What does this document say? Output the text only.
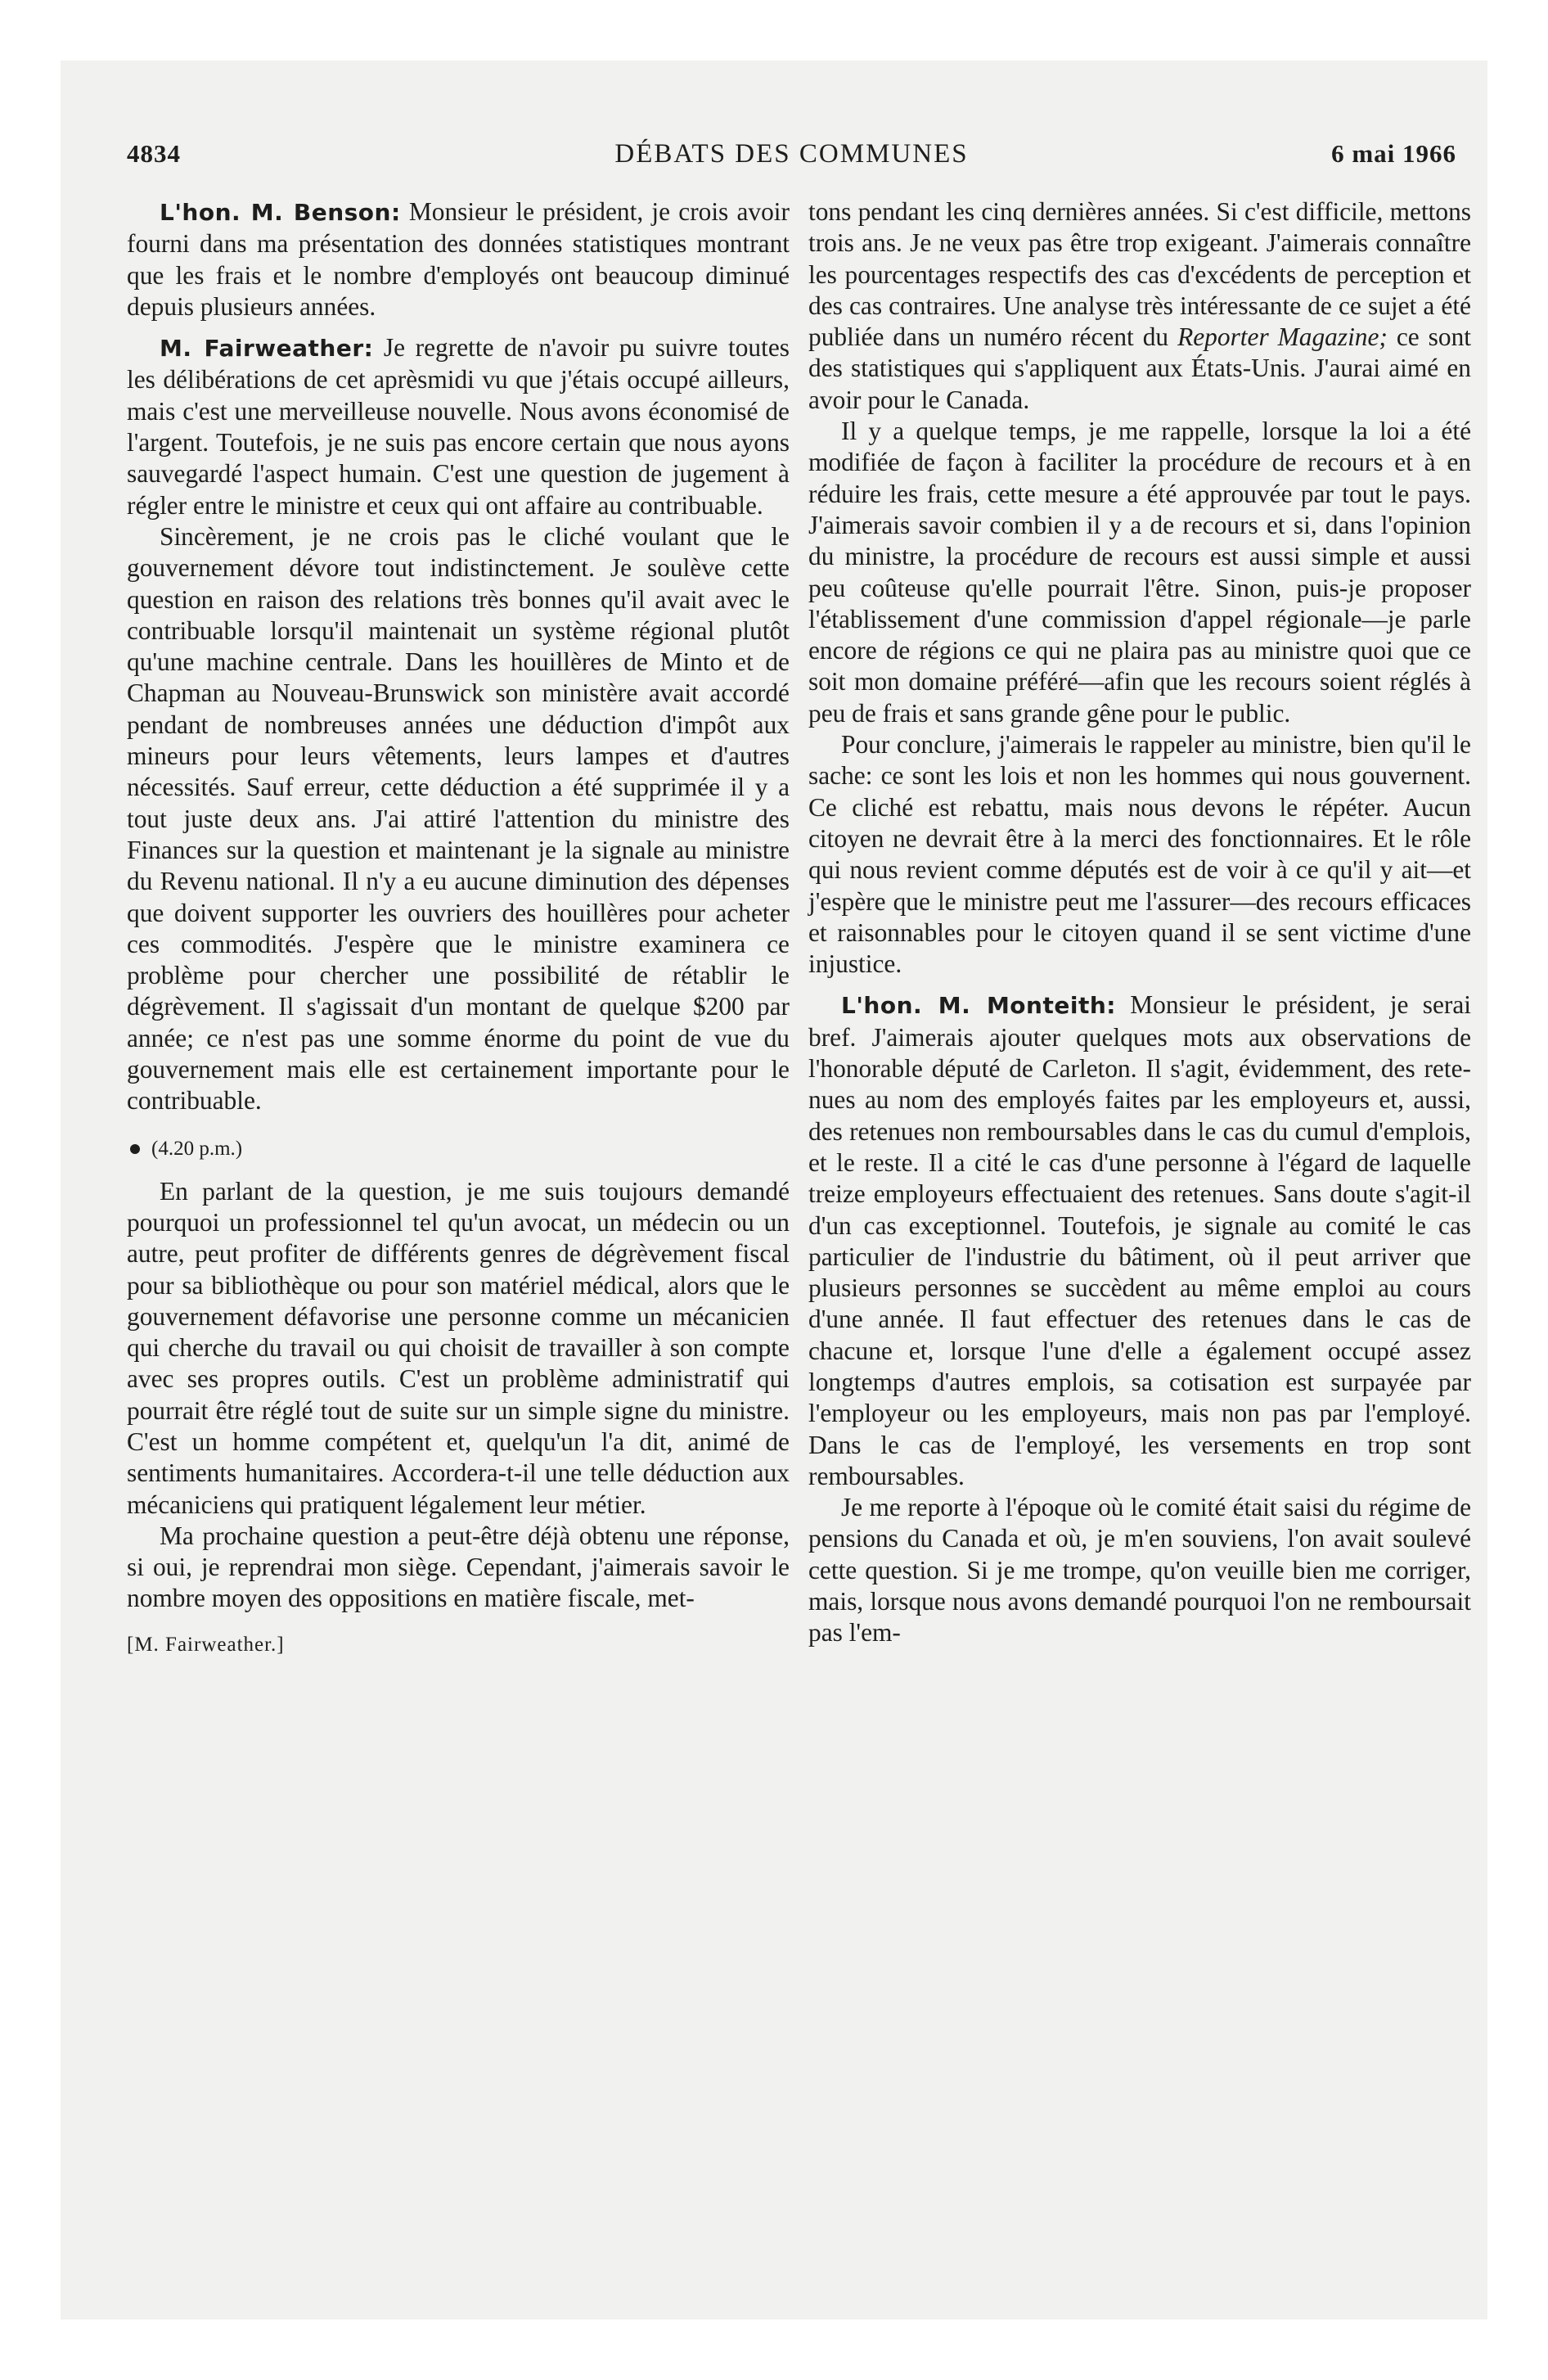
4834	DÉBATS DES COMMUNES	6 mai 1966

L'hon. M. Benson: Monsieur le président, je crois avoir fourni dans ma présentation des données statistiques montrant que les frais et le nombre d'employés ont beaucoup diminué depuis plusieurs années.

M. Fairweather: Je regrette de n'avoir pu suivre toutes les délibérations de cet aprèsmidi vu que j'étais occupé ailleurs, mais c'est une merveilleuse nouvelle. Nous avons économisé de l'argent. Toutefois, je ne suis pas encore certain que nous ayons sauvegardé l'aspect humain. C'est une question de jugement à régler entre le ministre et ceux qui ont affaire au contribuable.

Sincèrement, je ne crois pas le cliché voulant que le gouvernement dévore tout indistinctement. Je soulève cette question en raison des relations très bonnes qu'il avait avec le contribuable lorsqu'il maintenait un système régional plutôt qu'une machine centrale. Dans les houillères de Minto et de Chapman au Nouveau-Brunswick son ministère avait accordé pendant de nombreuses années une déduction d'impôt aux mineurs pour leurs vêtements, leurs lampes et d'autres nécessités. Sauf erreur, cette déduction a été supprimée il y a tout juste deux ans. J'ai attiré l'attention du ministre des Finances sur la question et maintenant je la signale au ministre du Revenu national. Il n'y a eu aucune diminution des dépenses que doivent supporter les ouvriers des houillères pour acheter ces commodités. J'espère que le ministre examinera ce problème pour chercher une possibilité de rétablir le dégrèvement. Il s'agissait d'un montant de quelque $200 par année; ce n'est pas une somme énorme du point de vue du gouvernement mais elle est certainement importante pour le contribuable.

(4.20 p.m.)

En parlant de la question, je me suis toujours demandé pourquoi un professionnel tel qu'un avocat, un médecin ou un autre, peut profiter de différents genres de dégrèvement fiscal pour sa bibliothèque ou pour son matériel médical, alors que le gouvernement défavorise une personne comme un mécanicien qui cherche du travail ou qui choisit de travailler à son compte avec ses propres outils. C'est un problème administratif qui pourrait être réglé tout de suite sur un simple signe du ministre. C'est un homme compétent et, quelqu'un l'a dit, animé de sentiments humanitaires. Accordera-t-il une telle déduction aux mécaniciens qui pratiquent légalement leur métier.

Ma prochaine question a peut-être déjà obtenu une réponse, si oui, je reprendrai mon siège. Cependant, j'aimerais savoir le nombre moyen des oppositions en matière fiscale, met-

[M. Fairweather.]

tons pendant les cinq dernières années. Si c'est difficile, mettons trois ans. Je ne veux pas être trop exigeant. J'aimerais connaître les pourcentages respectifs des cas d'excédents de perception et des cas contraires. Une analyse très intéressante de ce sujet a été publiée dans un numéro récent du Reporter Magazine; ce sont des statistiques qui s'appliquent aux États-Unis. J'aurai aimé en avoir pour le Canada.

Il y a quelque temps, je me rappelle, lorsque la loi a été modifiée de façon à faciliter la procédure de recours et à en réduire les frais, cette mesure a été approuvée par tout le pays. J'aimerais savoir combien il y a de recours et si, dans l'opinion du ministre, la procédure de recours est aussi simple et aussi peu coûteuse qu'elle pourrait l'être. Sinon, puis-je proposer l'établissement d'une commission d'appel régionale—je parle encore de régions ce qui ne plaira pas au ministre quoi que ce soit mon domaine préféré—afin que les recours soient réglés à peu de frais et sans grande gêne pour le public.

Pour conclure, j'aimerais le rappeler au ministre, bien qu'il le sache: ce sont les lois et non les hommes qui nous gouvernent. Ce cliché est rebattu, mais nous devons le répéter. Aucun citoyen ne devrait être à la merci des fonctionnaires. Et le rôle qui nous revient comme députés est de voir à ce qu'il y ait—et j'espère que le ministre peut me l'assurer—des recours efficaces et raisonnables pour le citoyen quand il se sent victime d'une injustice.

L'hon. M. Monteith: Monsieur le président, je serai bref. J'aimerais ajouter quelques mots aux observations de l'honorable député de Carleton. Il s'agit, évidemment, des retenues au nom des employés faites par les employeurs et, aussi, des retenues non remboursables dans le cas du cumul d'emplois, et le reste. Il a cité le cas d'une personne à l'égard de laquelle treize employeurs effectuaient des retenues. Sans doute s'agit-il d'un cas exceptionnel. Toutefois, je signale au comité le cas particulier de l'industrie du bâtiment, où il peut arriver que plusieurs personnes se succèdent au même emploi au cours d'une année. Il faut effectuer des retenues dans le cas de chacune et, lorsque l'une d'elle a également occupé assez longtemps d'autres emplois, sa cotisation est surpayée par l'employeur ou les employeurs, mais non pas par l'employé. Dans le cas de l'employé, les versements en trop sont remboursables.

Je me reporte à l'époque où le comité était saisi du régime de pensions du Canada et où, je m'en souviens, l'on avait soulevé cette question. Si je me trompe, qu'on veuille bien me corriger, mais, lorsque nous avons demandé pourquoi l'on ne remboursait pas l'em-
